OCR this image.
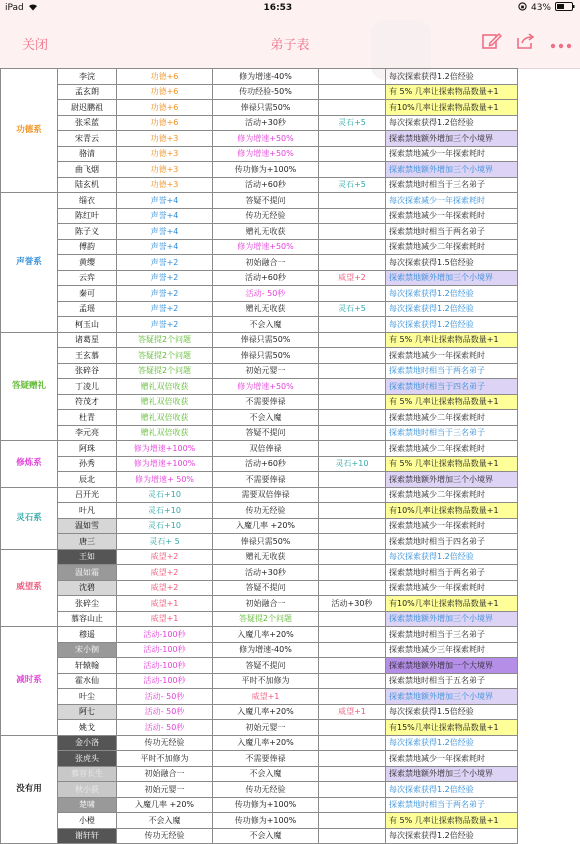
iPad	16:53	43%
关闭	弟子表
功德系	李浣	功德+6	修为增速-40%		每次探索获得1.2倍经验
	孟玄朗	功德+6	传功经验-50%		有 5% 几率让探索物品数量+1
	尉迟鹏祖	功德+6	俸禄只需50%		有10%几率让探索物品数量+1
	张采蓝	功德+6	活动+30秒	灵石+5	每次探索获得1.2倍经验
	宋青云	功德+3	修为增速+50%		探索禁地额外增加三个小境界
	骆清	功德+3	修为增速+50%		探索禁地减少一年探索耗时
	曲飞烟	功德+3	传功修为+100%		探索禁地额外增加三个小境界
	陆玄机	功德+3	活动+60秒	灵石+5	探索禁地时相当于三名弟子
声誉系	缁衣	声誉+4	答疑不提问		每次探索减少一年探索耗时
	陈红叶	声誉+4	传功无经验		探索禁地减少一年探索耗时
	陈子义	声誉+4	赠礼无收获		探索禁地时相当于两名弟子
	傅韵	声誉+4	修为增速+50%		探索禁地减少二年探索耗时
	黄缨	声誉+2	初始融合一		每次探索获得1.5倍经验
	云弈	声誉+2	活动+60秒	威望+2	探索禁地额外增加三个小境界
	秦可	声誉+2	活动- 50秒		每次探索获得1.2倍经验
	孟瑶	声誉+2	赠礼无收获	灵石+5	每次探索获得1.2倍经验
	柯玉山	声誉+2	不会入魔		每次探索获得1.2倍经验
答疑赠礼	诸葛星	答疑提2个问题	俸禄只需50%		有 5% 几率让探索物品数量+1
	王玄慕	答疑提2个问题	俸禄只需50%		探索禁地减少一年探索耗时
	张碎谷	答疑提2个问题	初始元婴一		探索禁地时相当于两名弟子
	丁凌儿	赠礼双倍收获	修为增速+50%		探索禁地时相当于四名弟子
	符茂才	赠礼双倍收获	不需要俸禄		有 5% 几率让探索物品数量+1
	杜青	赠礼双倍收获	不会入魔		探索禁地减少二年探索耗时
	李元亮	赠礼双倍收获	答疑不提问		探索禁地时相当于三名弟子
修炼系	阿珠	修为增速+100%	双倍俸禄		探索禁地减少二年探索耗时
	孙秀	修为增速+100%	活动+60秒	灵石+10	有 5% 几率让探索物品数量+1
	辰北	修为增速+ 50%	不需要俸禄		探索禁地额外增加三个小境界
灵石系	吕开光	灵石+10	需要双倍俸禄		探索禁地减少二年探索耗时
	叶凡	灵石+10	传功无经验		有10%几率让探索物品数量+1
	温如雪	灵石+10	入魔几率 +20%		探索禁地减少一年探索耗时
	唐三	灵石+ 5	俸禄只需50%		探索禁地时相当于四名弟子
威望系	王如	威望+2	赠礼无收获		每次探索获得1.2倍经验
	温如霜	威望+2	活动+30秒		探索禁地时相当于两名弟子
	沈碧	威望+2	答疑不提问		探索禁地减少一年探索耗时
	张碎尘	威望+1	初始融合一	活动+30秒	有10%几率让探索物品数量+1
	慕容山止	威望+1	答疑提2个问题		探索禁地额外增加三个小境界
减时系	穆遥	活动-100秒	入魔几率+20%		探索禁地时相当于三名弟子
	宋小徊	活动-100秒	修为增速-40%		探索禁地减少三年探索耗时
	轩辕翰	活动-100秒	答疑不提问		探索禁地额外增加一个大境界
	霍水仙	活动-100秒	平时不加修为		探索禁地时相当于五名弟子
	叶尘	活动- 50秒	威望+1		探索禁地额外增加三个小境界
	阿七	活动- 50秒	入魔几率+20%	威望+1	每次探索获得1.5倍经验
	姚戈	活动- 50秒	初始元婴一		有15%几率让探索物品数量+1
没有用	金小洛	传功无经验	入魔几率+20%		每次探索获得1.2倍经验
	张虎头	平时不加修为	不需要俸禄		探索禁地减少一年探索耗时
	慕容长生	初始融合一	不会入魔		探索禁地额外增加三个小境界
	秋小荻	初始元婴一	传功无经验		每次探索获得1.2倍经验
	楚啸	入魔几率 +20%	传功修为+100%		探索禁地时相当于两名弟子
	小橙	不会入魔	传功修为+100%		有 5% 几率让探索物品数量+1
	谢轩轩	传功无经验	不会入魔		每次探索获得1.2倍经验
